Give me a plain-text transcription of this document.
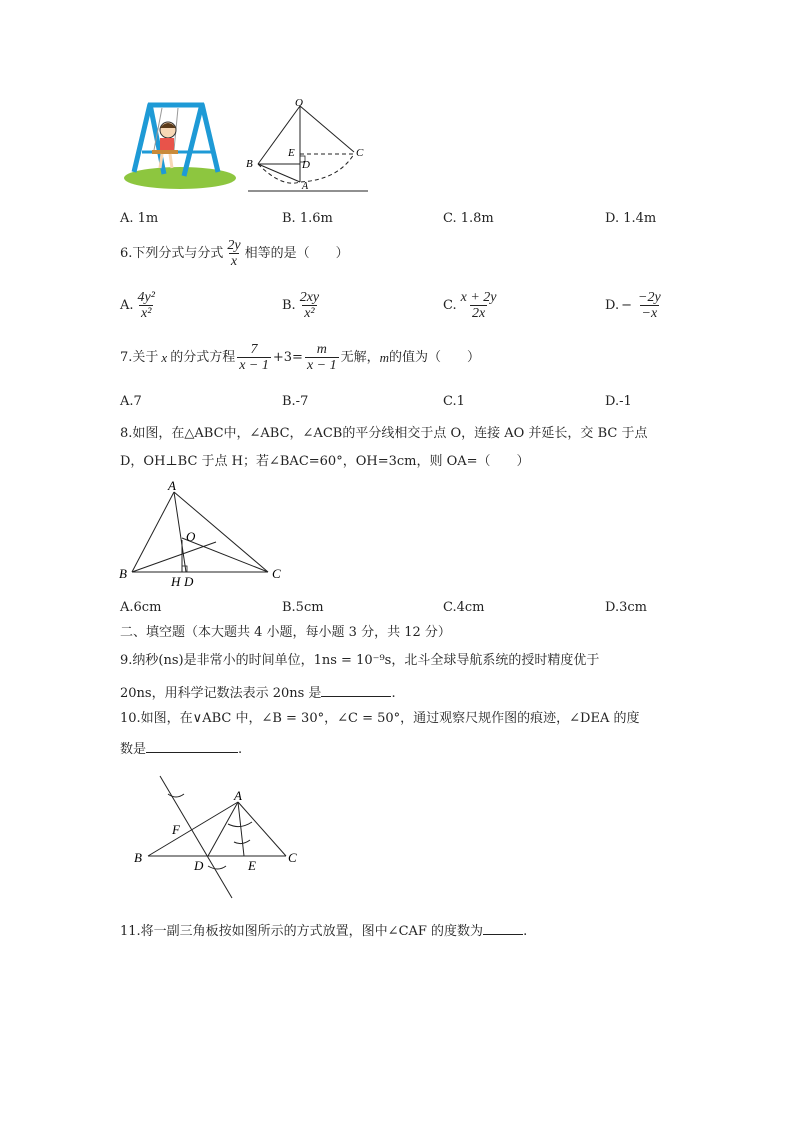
O
B
E
D
C
A
A. 1m	B. 1.6m	C. 1.8m	D. 1.4m
6.下列分式与分式 $\frac{2y}{x}$ 相等的是（　　）
A. $\frac{\text{4y²}}{\text{x²}}$	B. $\frac{2xy}{\text{x²}}$	C. $\frac{x + 2y}{2x}$	D. − $\frac{-2y}{-x}$
7.关于 x 的分式方程 $\frac{7}{x - 1} +3= \frac{m}{x - 1}$ 无解， m 的值为（　　）
A.7	B.-7	C.1	D.-1
8.如图，在△ABC中，∠ABC，∠ACB的平分线相交于点 O，连接 AO 并延长，交 BC 于点
D，OH⊥BC 于点 H；若∠BAC=60°，OH=3cm，则 OA=（　　）
A
O
B	C
H D
A.6cm	B.5cm	C.4cm	D.3cm
二、填空题（本大题共 4 小题，每小题 3 分，共 12 分）
9.纳秒(ns)是非常小的时间单位，1ns = 10⁻⁹s，北斗全球导航系统的授时精度优于
20ns，用科学记数法表示 20ns 是	.
10.如图，在∨ABC 中，∠B = 30°，∠C = 50°，通过观察尺规作图的痕迹，∠DEA 的度
数是	.
A
F
B
D	E
C
11.将一副三角板按如图所示的方式放置，图中∠CAF 的度数为	.
